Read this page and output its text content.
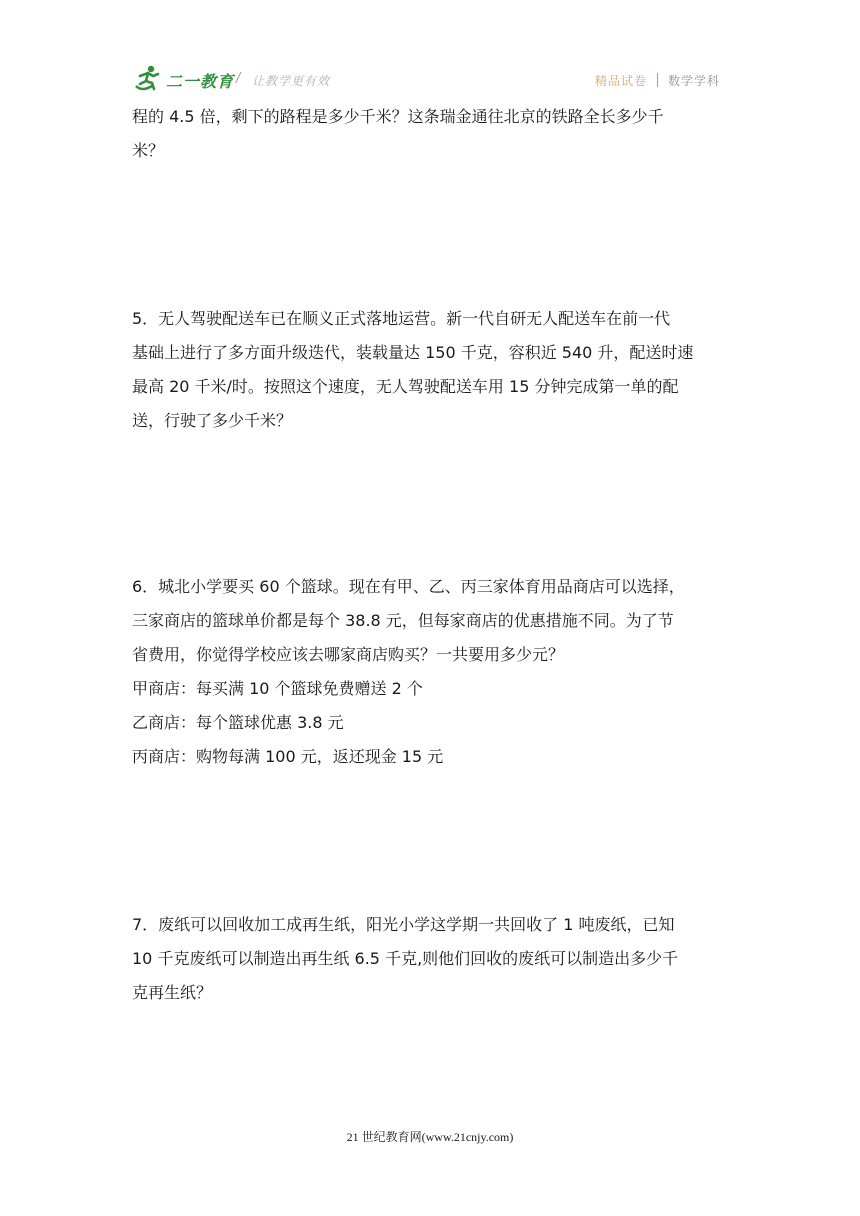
二一教育 / 让教学更有效	精品试卷 数学学科
程的 4.5 倍，剩下的路程是多少千米？这条瑞金通往北京的铁路全长多少千
米？
5．无人驾驶配送车已在顺义正式落地运营。新一代自研无人配送车在前一代
基础上进行了多方面升级迭代，装载量达 150 千克，容积近 540 升，配送时速
最高 20 千米/时。按照这个速度，无人驾驶配送车用 15 分钟完成第一单的配
送，行驶了多少千米？
6．城北小学要买 60 个篮球。现在有甲、乙、丙三家体育用品商店可以选择，
三家商店的篮球单价都是每个 38.8 元，但每家商店的优惠措施不同。为了节
省费用，你觉得学校应该去哪家商店购买？一共要用多少元？
甲商店：每买满 10 个篮球免费赠送 2 个
乙商店：每个篮球优惠 3.8 元
丙商店：购物每满 100 元，返还现金 15 元
7．废纸可以回收加工成再生纸，阳光小学这学期一共回收了 1 吨废纸，已知
10 千克废纸可以制造出再生纸 6.5 千克,则他们回收的废纸可以制造出多少千
克再生纸？
21 世纪教育网(www.21cnjy.com)
